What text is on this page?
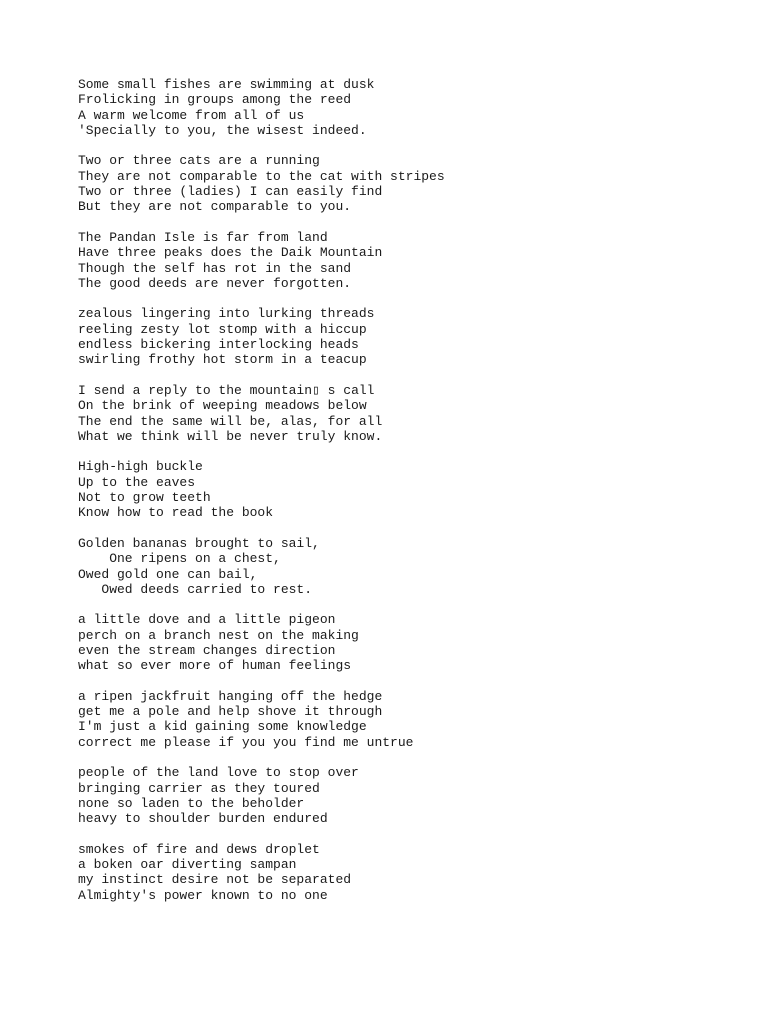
Some small fishes are swimming at dusk
Frolicking in groups among the reed
A warm welcome from all of us
'Specially to you, the wisest indeed.
Two or three cats are a running
They are not comparable to the cat with stripes
Two or three (ladies) I can easily find
But they are not comparable to you.
The Pandan Isle is far from land
Have three peaks does the Daik Mountain
Though the self has rot in the sand
The good deeds are never forgotten.
zealous lingering into lurking threads
reeling zesty lot stomp with a hiccup
endless bickering interlocking heads
swirling frothy hot storm in a teacup
I send a reply to the mountain▯ s call
On the brink of weeping meadows below
The end the same will be, alas, for all
What we think will be never truly know.
High-high buckle
Up to the eaves
Not to grow teeth
Know how to read the book
Golden bananas brought to sail,
One ripens on a chest,
Owed gold one can bail,
Owed deeds carried to rest.
a little dove and a little pigeon
perch on a branch nest on the making
even the stream changes direction
what so ever more of human feelings
a ripen jackfruit hanging off the hedge
get me a pole and help shove it through
I'm just a kid gaining some knowledge
correct me please if you you find me untrue
people of the land love to stop over
bringing carrier as they toured
none so laden to the beholder
heavy to shoulder burden endured
smokes of fire and dews droplet
a boken oar diverting sampan
my instinct desire not be separated
Almighty's power known to no one
